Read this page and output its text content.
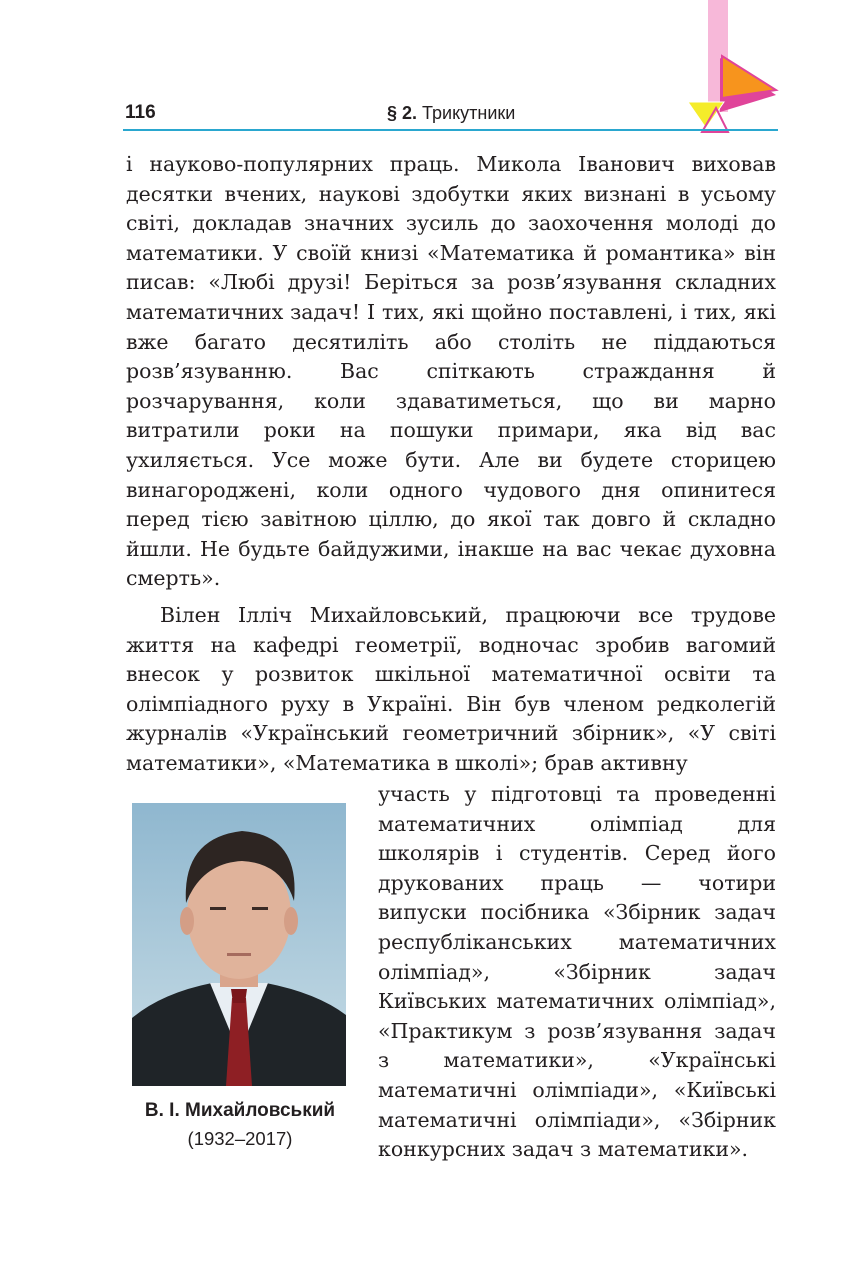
116	§ 2. Трикутники

і науково-популярних праць. Микола Іванович виховав десятки вчених, наукові здобутки яких визнані в усьому світі, докладав значних зусиль до заохочення молоді до математики. У своїй книзі «Математика й романтика» він писав: «Любі друзі! Беріться за розв’язування складних математичних задач! І тих, які щойно поставлені, і тих, які вже багато десятиліть або століть не піддаються розв’язуванню. Вас спіткають страждання й розчарування, коли здаватиметься, що ви марно витратили роки на пошуки примари, яка від вас ухиляється. Усе може бути. Але ви будете сторицею винагороджені, коли одного чудового дня опинитеся перед тією завітною ціллю, до якої так довго й складно йшли. Не будьте байдужими, інакше на вас чекає духовна смерть».

Вілен Ілліч Михайловський, працюючи все трудове життя на кафедрі геометрії, водночас зробив вагомий внесок у розвиток шкільної математичної освіти та олімпіадного руху в Україні. Він був членом редколегій журналів «Український геометричний збірник», «У світі математики», «Математика в школі»; брав активну

участь у підготовці та проведенні математичних олімпіад для школярів і студентів. Серед його друкованих праць — чотири випуски посібника «Збірник задач республіканських математичних олімпіад», «Збірник задач Київських математичних олімпіад», «Практикум з розв’язування задач з математики», «Українські математичні олімпіади», «Київські математичні олімпіади», «Збірник конкурсних задач з математики».

В. І. Михайловський
(1932–2017)
